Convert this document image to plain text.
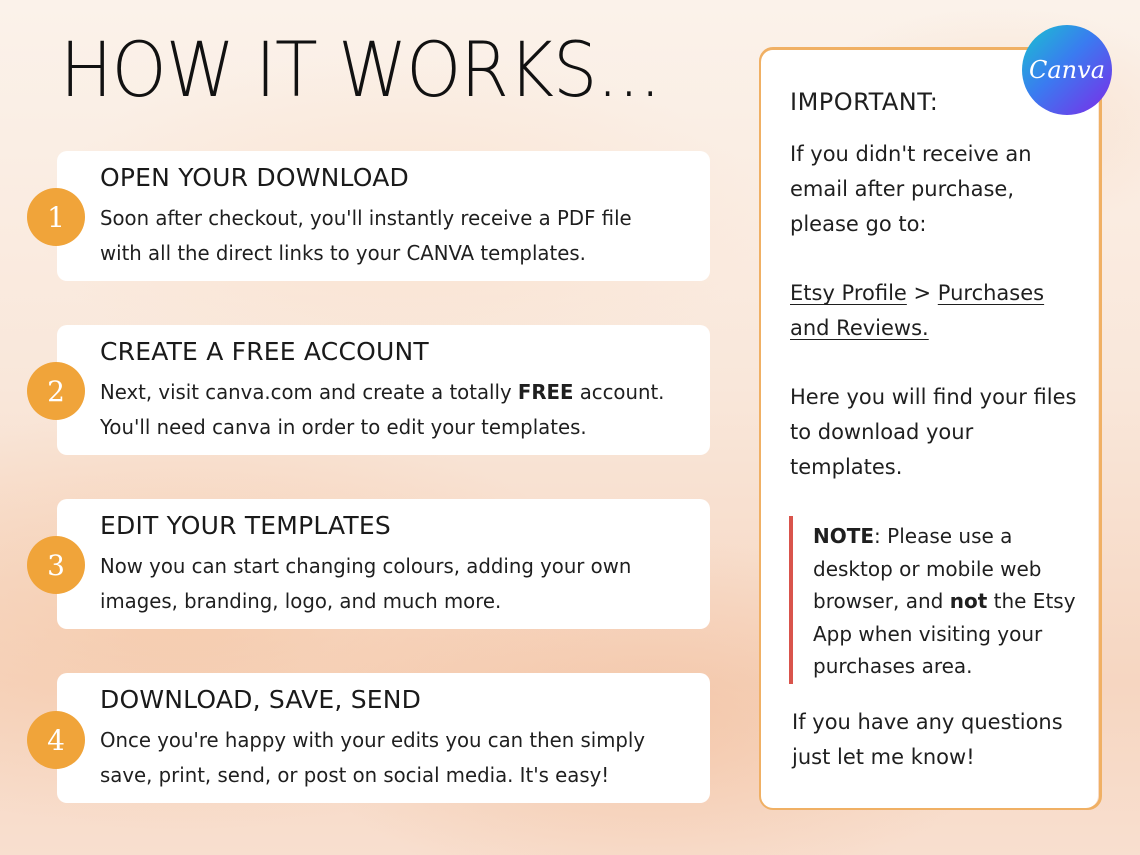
HOW IT WORKS...
OPEN YOUR DOWNLOAD
Soon after checkout, you'll instantly receive a PDF file
with all the direct links to your CANVA templates.
1
CREATE A FREE ACCOUNT
Next, visit canva.com and create a totally FREE account.
You'll need canva in order to edit your templates.
2
EDIT YOUR TEMPLATES
Now you can start changing colours, adding your own
images, branding, logo, and much more.
3
DOWNLOAD, SAVE, SEND
Once you're happy with your edits you can then simply
save, print, send, or post on social media. It's easy!
4
Canva
IMPORTANT:
If you didn't receive an
email after purchase,
please go to:
Etsy Profile > Purchases
and Reviews.
Here you will find your files
to download your
templates.
NOTE: Please use a
desktop or mobile web
browser, and not the Etsy
App when visiting your
purchases area.
If you have any questions
just let me know!
